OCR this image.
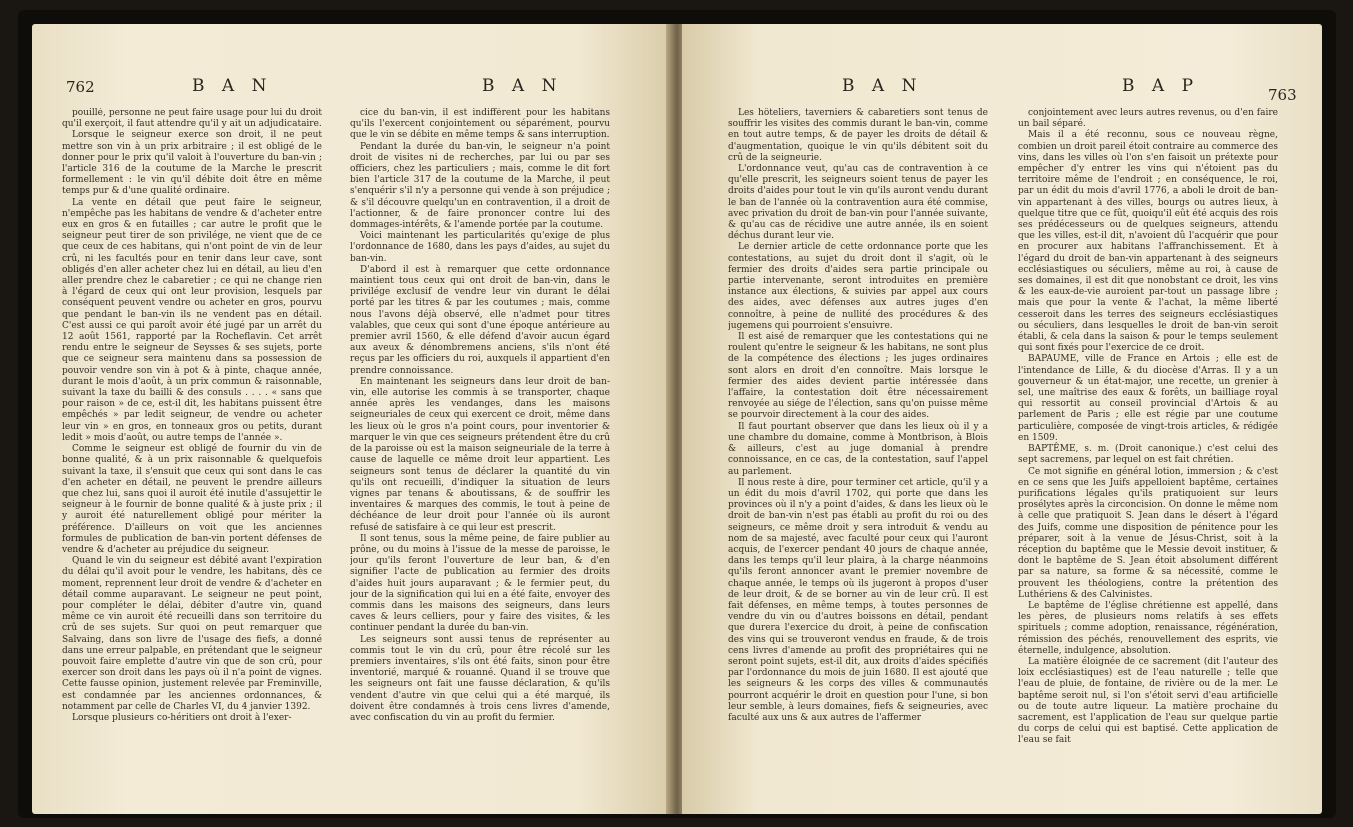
762	B A N	B A N

pouillé, personne ne peut faire usage pour lui du droit qu'il exerçoit, il faut attendre qu'il y ait un adjudicataire.

Lorsque le seigneur exerce son droit, il ne peut mettre son vin à un prix arbitraire ; il est obligé de le donner pour le prix qu'il valoit à l'ouverture du ban-vin ; l'article 316 de la coutume de la Marche le prescrit formellement : le vin qu'il débite doit être en même temps pur & d'une qualité ordinaire.

La vente en détail que peut faire le seigneur, n'empêche pas les habitans de vendre & d'acheter entre eux en gros & en futailles ; car autre le profit que le seigneur peut tirer de son privilége, ne vient que de ce que ceux de ces habitans, qui n'ont point de vin de leur crû, ni les facultés pour en tenir dans leur cave, sont obligés d'en aller acheter chez lui en détail, au lieu d'en aller prendre chez le cabaretier ; ce qui ne change rien à l'égard de ceux qui ont leur provision, lesquels par conséquent peuvent vendre ou acheter en gros, pourvu que pendant le ban-vin ils ne vendent pas en détail. C'est aussi ce qui paroît avoir été jugé par un arrêt du 12 août 1561, rapporté par la Rocheflavin. Cet arrêt rendu entre le seigneur de Seysses & ses sujets, porte que ce seigneur sera maintenu dans sa possession de pouvoir vendre son vin à pot & à pinte, chaque année, durant le mois d'août, à un prix commun & raisonnable, suivant la taxe du bailli & des consuls . . . . « sans que pour raison » de ce, est-il dit, les habitans puissent être empêchés » par ledit seigneur, de vendre ou acheter leur vin » en gros, en tonneaux gros ou petits, durant ledit » mois d'août, ou autre temps de l'année ».

Comme le seigneur est obligé de fournir du vin de bonne qualité, & à un prix raisonnable & quelquefois suivant la taxe, il s'ensuit que ceux qui sont dans le cas d'en acheter en détail, ne peuvent le prendre ailleurs que chez lui, sans quoi il auroit été inutile d'assujettir le seigneur à le fournir de bonne qualité & à juste prix ; il y auroit été naturellement obligé pour mériter la préférence. D'ailleurs on voit que les anciennes formules de publication de ban-vin portent défenses de vendre & d'acheter au préjudice du seigneur.

Quand le vin du seigneur est débité avant l'expiration du délai qu'il avoit pour le vendre, les habitans, dès ce moment, reprennent leur droit de vendre & d'acheter en détail comme auparavant. Le seigneur ne peut point, pour compléter le délai, débiter d'autre vin, quand même ce vin auroit été recueilli dans son territoire du crû de ses sujets. Sur quoi on peut remarquer que Salvaing, dans son livre de l'usage des fiefs, a donné dans une erreur palpable, en prétendant que le seigneur pouvoit faire emplette d'autre vin que de son crû, pour exercer son droit dans les pays où il n'a point de vignes. Cette fausse opinion, justement relevée par Freminville, est condamnée par les anciennes ordonnances, & notamment par celle de Charles VI, du 4 janvier 1392.

Lorsque plusieurs co-héritiers ont droit à l'exer-

cice du ban-vin, il est indifférent pour les habitans qu'ils l'exercent conjointement ou séparément, pourvu que le vin se débite en même temps & sans interruption.

Pendant la durée du ban-vin, le seigneur n'a point droit de visites ni de recherches, par lui ou par ses officiers, chez les particuliers ; mais, comme le dit fort bien l'article 317 de la coutume de la Marche, il peut s'enquérir s'il n'y a personne qui vende à son préjudice ; & s'il découvre quelqu'un en contravention, il a droit de l'actionner, & de faire prononcer contre lui des dommages-intérêts, & l'amende portée par la coutume.

Voici maintenant les particularités qu'exige de plus l'ordonnance de 1680, dans les pays d'aides, au sujet du ban-vin.

D'abord il est à remarquer que cette ordonnance maintient tous ceux qui ont droit de ban-vin, dans le privilége exclusif de vendre leur vin durant le délai porté par les titres & par les coutumes ; mais, comme nous l'avons déjà observé, elle n'admet pour titres valables, que ceux qui sont d'une époque antérieure au premier avril 1560, & elle défend d'avoir aucun égard aux aveux & dénombremens anciens, s'ils n'ont été reçus par les officiers du roi, auxquels il appartient d'en prendre connoissance.

En maintenant les seigneurs dans leur droit de ban-vin, elle autorise les commis à se transporter, chaque année après les vendanges, dans les maisons seigneuriales de ceux qui exercent ce droit, même dans les lieux où le gros n'a point cours, pour inventorier & marquer le vin que ces seigneurs prétendent être du crû de la paroisse où est la maison seigneuriale de la terre à cause de laquelle ce même droit leur appartient. Les seigneurs sont tenus de déclarer la quantité du vin qu'ils ont recueilli, d'indiquer la situation de leurs vignes par tenans & aboutissans, & de souffrir les inventaires & marques des commis, le tout à peine de déchéance de leur droit pour l'année où ils auront refusé de satisfaire à ce qui leur est prescrit.

Il sont tenus, sous la même peine, de faire publier au prône, ou du moins à l'issue de la messe de paroisse, le jour qu'ils feront l'ouverture de leur ban, & d'en signifier l'acte de publication au fermier des droits d'aides huit jours auparavant ; & le fermier peut, du jour de la signification qui lui en a été faite, envoyer des commis dans les maisons des seigneurs, dans leurs caves & leurs celliers, pour y faire des visites, & les continuer pendant la durée du ban-vin.

Les seigneurs sont aussi tenus de représenter au commis tout le vin du crû, pour être récolé sur les premiers inventaires, s'ils ont été faits, sinon pour être inventorié, marqué & rouanné. Quand il se trouve que les seigneurs ont fait une fausse déclaration, & qu'ils vendent d'autre vin que celui qui a été marqué, ils doivent être condamnés à trois cens livres d'amende, avec confiscation du vin au profit du fermier.

B A N	B A P	763

Les hôteliers, taverniers & cabaretiers sont tenus de souffrir les visites des commis durant le ban-vin, comme en tout autre temps, & de payer les droits de détail & d'augmentation, quoique le vin qu'ils débitent soit du crû de la seigneurie.

L'ordonnance veut, qu'au cas de contravention à ce qu'elle prescrit, les seigneurs soient tenus de payer les droits d'aides pour tout le vin qu'ils auront vendu durant le ban de l'année où la contravention aura été commise, avec privation du droit de ban-vin pour l'année suivante, & qu'au cas de récidive une autre année, ils en soient déchus durant leur vie.

Le dernier article de cette ordonnance porte que les contestations, au sujet du droit dont il s'agit, où le fermier des droits d'aides sera partie principale ou partie intervenante, seront introduites en première instance aux élections, & suivies par appel aux cours des aides, avec défenses aux autres juges d'en connoître, à peine de nullité des procédures & des jugemens qui pourroient s'ensuivre.

Il est aisé de remarquer que les contestations qui ne roulent qu'entre le seigneur & les habitans, ne sont plus de la compétence des élections ; les juges ordinaires sont alors en droit d'en connoître. Mais lorsque le fermier des aides devient partie intéressée dans l'affaire, la contestation doit être nécessairement renvoyée au siége de l'élection, sans qu'on puisse même se pourvoir directement à la cour des aides.

Il faut pourtant observer que dans les lieux où il y a une chambre du domaine, comme à Montbrison, à Blois & ailleurs, c'est au juge domanial à prendre connoissance, en ce cas, de la contestation, sauf l'appel au parlement.

Il nous reste à dire, pour terminer cet article, qu'il y a un édit du mois d'avril 1702, qui porte que dans les provinces où il n'y a point d'aides, & dans les lieux où le droit de ban-vin n'est pas établi au profit du roi ou des seigneurs, ce même droit y sera introduit & vendu au nom de sa majesté, avec faculté pour ceux qui l'auront acquis, de l'exercer pendant 40 jours de chaque année, dans les temps qu'il leur plaira, à la charge néanmoins qu'ils feront annoncer avant le premier novembre de chaque année, le temps où ils jugeront à propos d'user de leur droit, & de se borner au vin de leur crû. Il est fait défenses, en même temps, à toutes personnes de vendre du vin ou d'autres boissons en détail, pendant que durera l'exercice du droit, à peine de confiscation des vins qui se trouveront vendus en fraude, & de trois cens livres d'amende au profit des propriétaires qui ne seront point sujets, est-il dit, aux droits d'aides spécifiés par l'ordonnance du mois de juin 1680. Il est ajouté que les seigneurs & les corps des villes & communautés pourront acquérir le droit en question pour l'une, si bon leur semble, à leurs domaines, fiefs & seigneuries, avec faculté aux uns & aux autres de l'affermer

conjointement avec leurs autres revenus, ou d'en faire un bail séparé.

Mais il a été reconnu, sous ce nouveau règne, combien un droit pareil étoit contraire au commerce des vins, dans les villes où l'on s'en faisoit un prétexte pour empêcher d'y entrer les vins qui n'étoient pas du territoire même de l'endroit ; en conséquence, le roi, par un édit du mois d'avril 1776, a aboli le droit de ban-vin appartenant à des villes, bourgs ou autres lieux, à quelque titre que ce fût, quoiqu'il eût été acquis des rois ses prédécesseurs ou de quelques seigneurs, attendu que les villes, est-il dit, n'avoient dû l'acquérir que pour en procurer aux habitans l'affranchissement. Et à l'égard du droit de ban-vin appartenant à des seigneurs ecclésiastiques ou séculiers, même au roi, à cause de ses domaines, il est dit que nonobstant ce droit, les vins & les eaux-de-vie auroient par-tout un passage libre ; mais que pour la vente & l'achat, la même liberté cesseroit dans les terres des seigneurs ecclésiastiques ou séculiers, dans lesquelles le droit de ban-vin seroit établi, & cela dans la saison & pour le temps seulement qui sont fixés pour l'exercice de ce droit.

BAPAUME, ville de France en Artois ; elle est de l'intendance de Lille, & du diocèse d'Arras. Il y a un gouverneur & un état-major, une recette, un grenier à sel, une maîtrise des eaux & forêts, un bailliage royal qui ressortit au conseil provincial d'Artois & au parlement de Paris ; elle est régie par une coutume particulière, composée de vingt-trois articles, & rédigée en 1509.

BAPTÊME, s. m. (Droit canonique.) c'est celui des sept sacremens, par lequel on est fait chrétien.

Ce mot signifie en général lotion, immersion ; & c'est en ce sens que les Juifs appelloient baptême, certaines purifications légales qu'ils pratiquoient sur leurs prosélytes après la circoncision. On donne le même nom à celle que pratiquoit S. Jean dans le désert à l'égard des Juifs, comme une disposition de pénitence pour les préparer, soit à la venue de Jésus-Christ, soit à la réception du baptême que le Messie devoit instituer, & dont le baptême de S. Jean étoit absolument différent par sa nature, sa forme & sa nécessité, comme le prouvent les théologiens, contre la prétention des Luthériens & des Calvinistes.

Le baptême de l'église chrétienne est appellé, dans les pères, de plusieurs noms relatifs à ses effets spirituels ; comme adoption, renaissance, régénération, rémission des péchés, renouvellement des esprits, vie éternelle, indulgence, absolution.

La matière éloignée de ce sacrement (dit l'auteur des loix ecclésiastiques) est de l'eau naturelle ; telle que l'eau de pluie, de fontaine, de rivière ou de la mer. Le baptême seroit nul, si l'on s'étoit servi d'eau artificielle ou de toute autre liqueur. La matière prochaine du sacrement, est l'application de l'eau sur quelque partie du corps de celui qui est baptisé. Cette application de l'eau se fait
